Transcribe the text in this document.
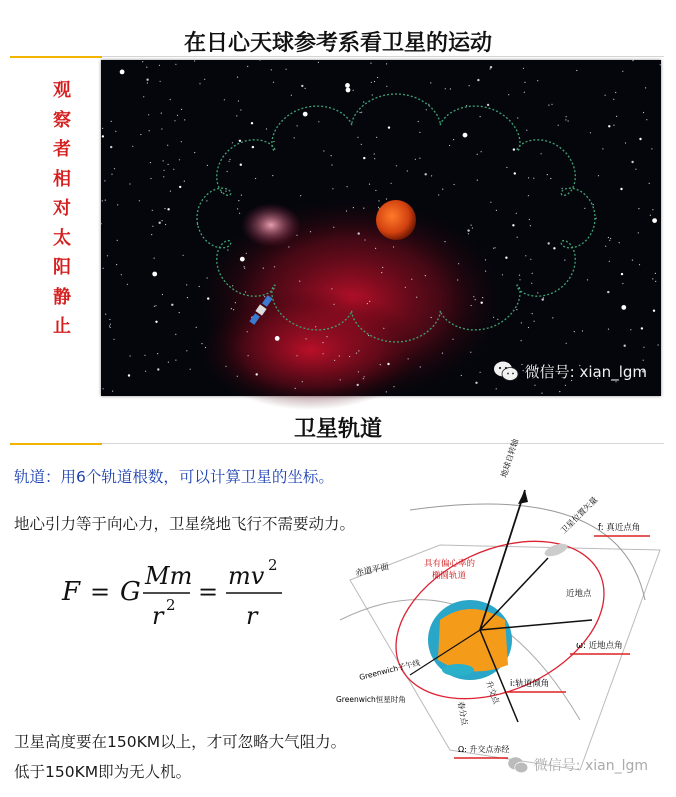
在日心天球参考系看卫星的运动
观
察
者
相
对
太
阳
静
止
微信号: xian_lgm
卫星轨道
轨道：用6个轨道根数，可以计算卫星的坐标。
地心引力等于向心力，卫星绕地飞行不需要动力。
F = G
Mm
r 2 =
mv 2
r
卫星高度要在150KM以上，才可忽略大气阻力。
低于150KM即为无人机。
地球自转轴
卫星位置矢量
f: 真近点角
赤道平面	具有偏心率的
椭圆轨道
近地点
ω: 近地点角
Greenwich子午线
i:轨道倾角
Greenwich恒星时角	升交点
春分点
Ω: 升交点赤经
微信号: xian_lgm
